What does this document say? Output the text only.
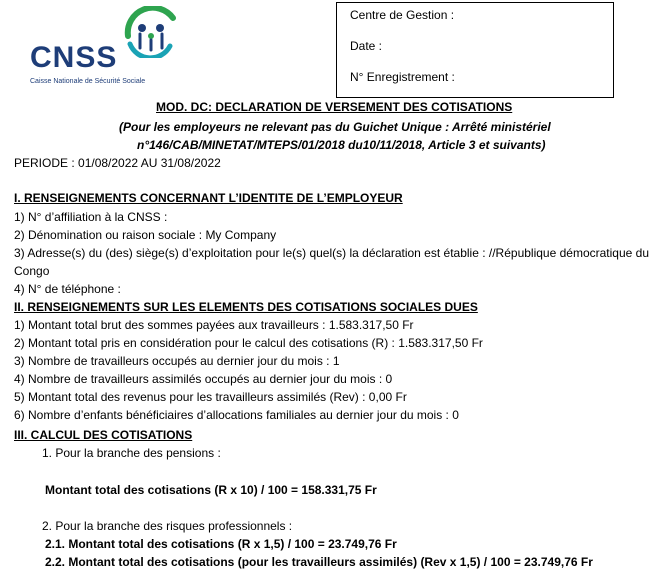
CNSS
Caisse Nationale de Sécurité Sociale
Centre de Gestion :
Date :
N° Enregistrement :
MOD. DC: DECLARATION DE VERSEMENT DES COTISATIONS
(Pour les employeurs ne relevant pas du Guichet Unique : Arrêté ministériel
n°146/CAB/MINETAT/MTEPS/01/2018 du10/11/2018, Article 3 et suivants)
PERIODE : 01/08/2022 AU 31/08/2022
I. RENSEIGNEMENTS CONCERNANT L’IDENTITE DE L’EMPLOYEUR
1) N° d’affiliation à la CNSS :
2) Dénomination ou raison sociale : My Company
3) Adresse(s) du (des) siège(s) d’exploitation pour le(s) quel(s) la déclaration est établie : //République démocratique du
Congo
4) N° de téléphone :
II. RENSEIGNEMENTS SUR LES ELEMENTS DES COTISATIONS SOCIALES DUES
1) Montant total brut des sommes payées aux travailleurs : 1.583.317,50 Fr
2) Montant total pris en considération pour le calcul des cotisations (R) : 1.583.317,50 Fr
3) Nombre de travailleurs occupés au dernier jour du mois : 1
4) Nombre de travailleurs assimilés occupés au dernier jour du mois : 0
5) Montant total des revenus pour les travailleurs assimilés (Rev) : 0,00 Fr
6) Nombre d’enfants bénéficiaires d’allocations familiales au dernier jour du mois : 0
III. CALCUL DES COTISATIONS
1. Pour la branche des pensions :
Montant total des cotisations (R x 10) / 100 = 158.331,75 Fr
2. Pour la branche des risques professionnels :
2.1. Montant total des cotisations (R x 1,5) / 100 = 23.749,76 Fr
2.2. Montant total des cotisations (pour les travailleurs assimilés) (Rev x 1,5) / 100 = 23.749,76 Fr
